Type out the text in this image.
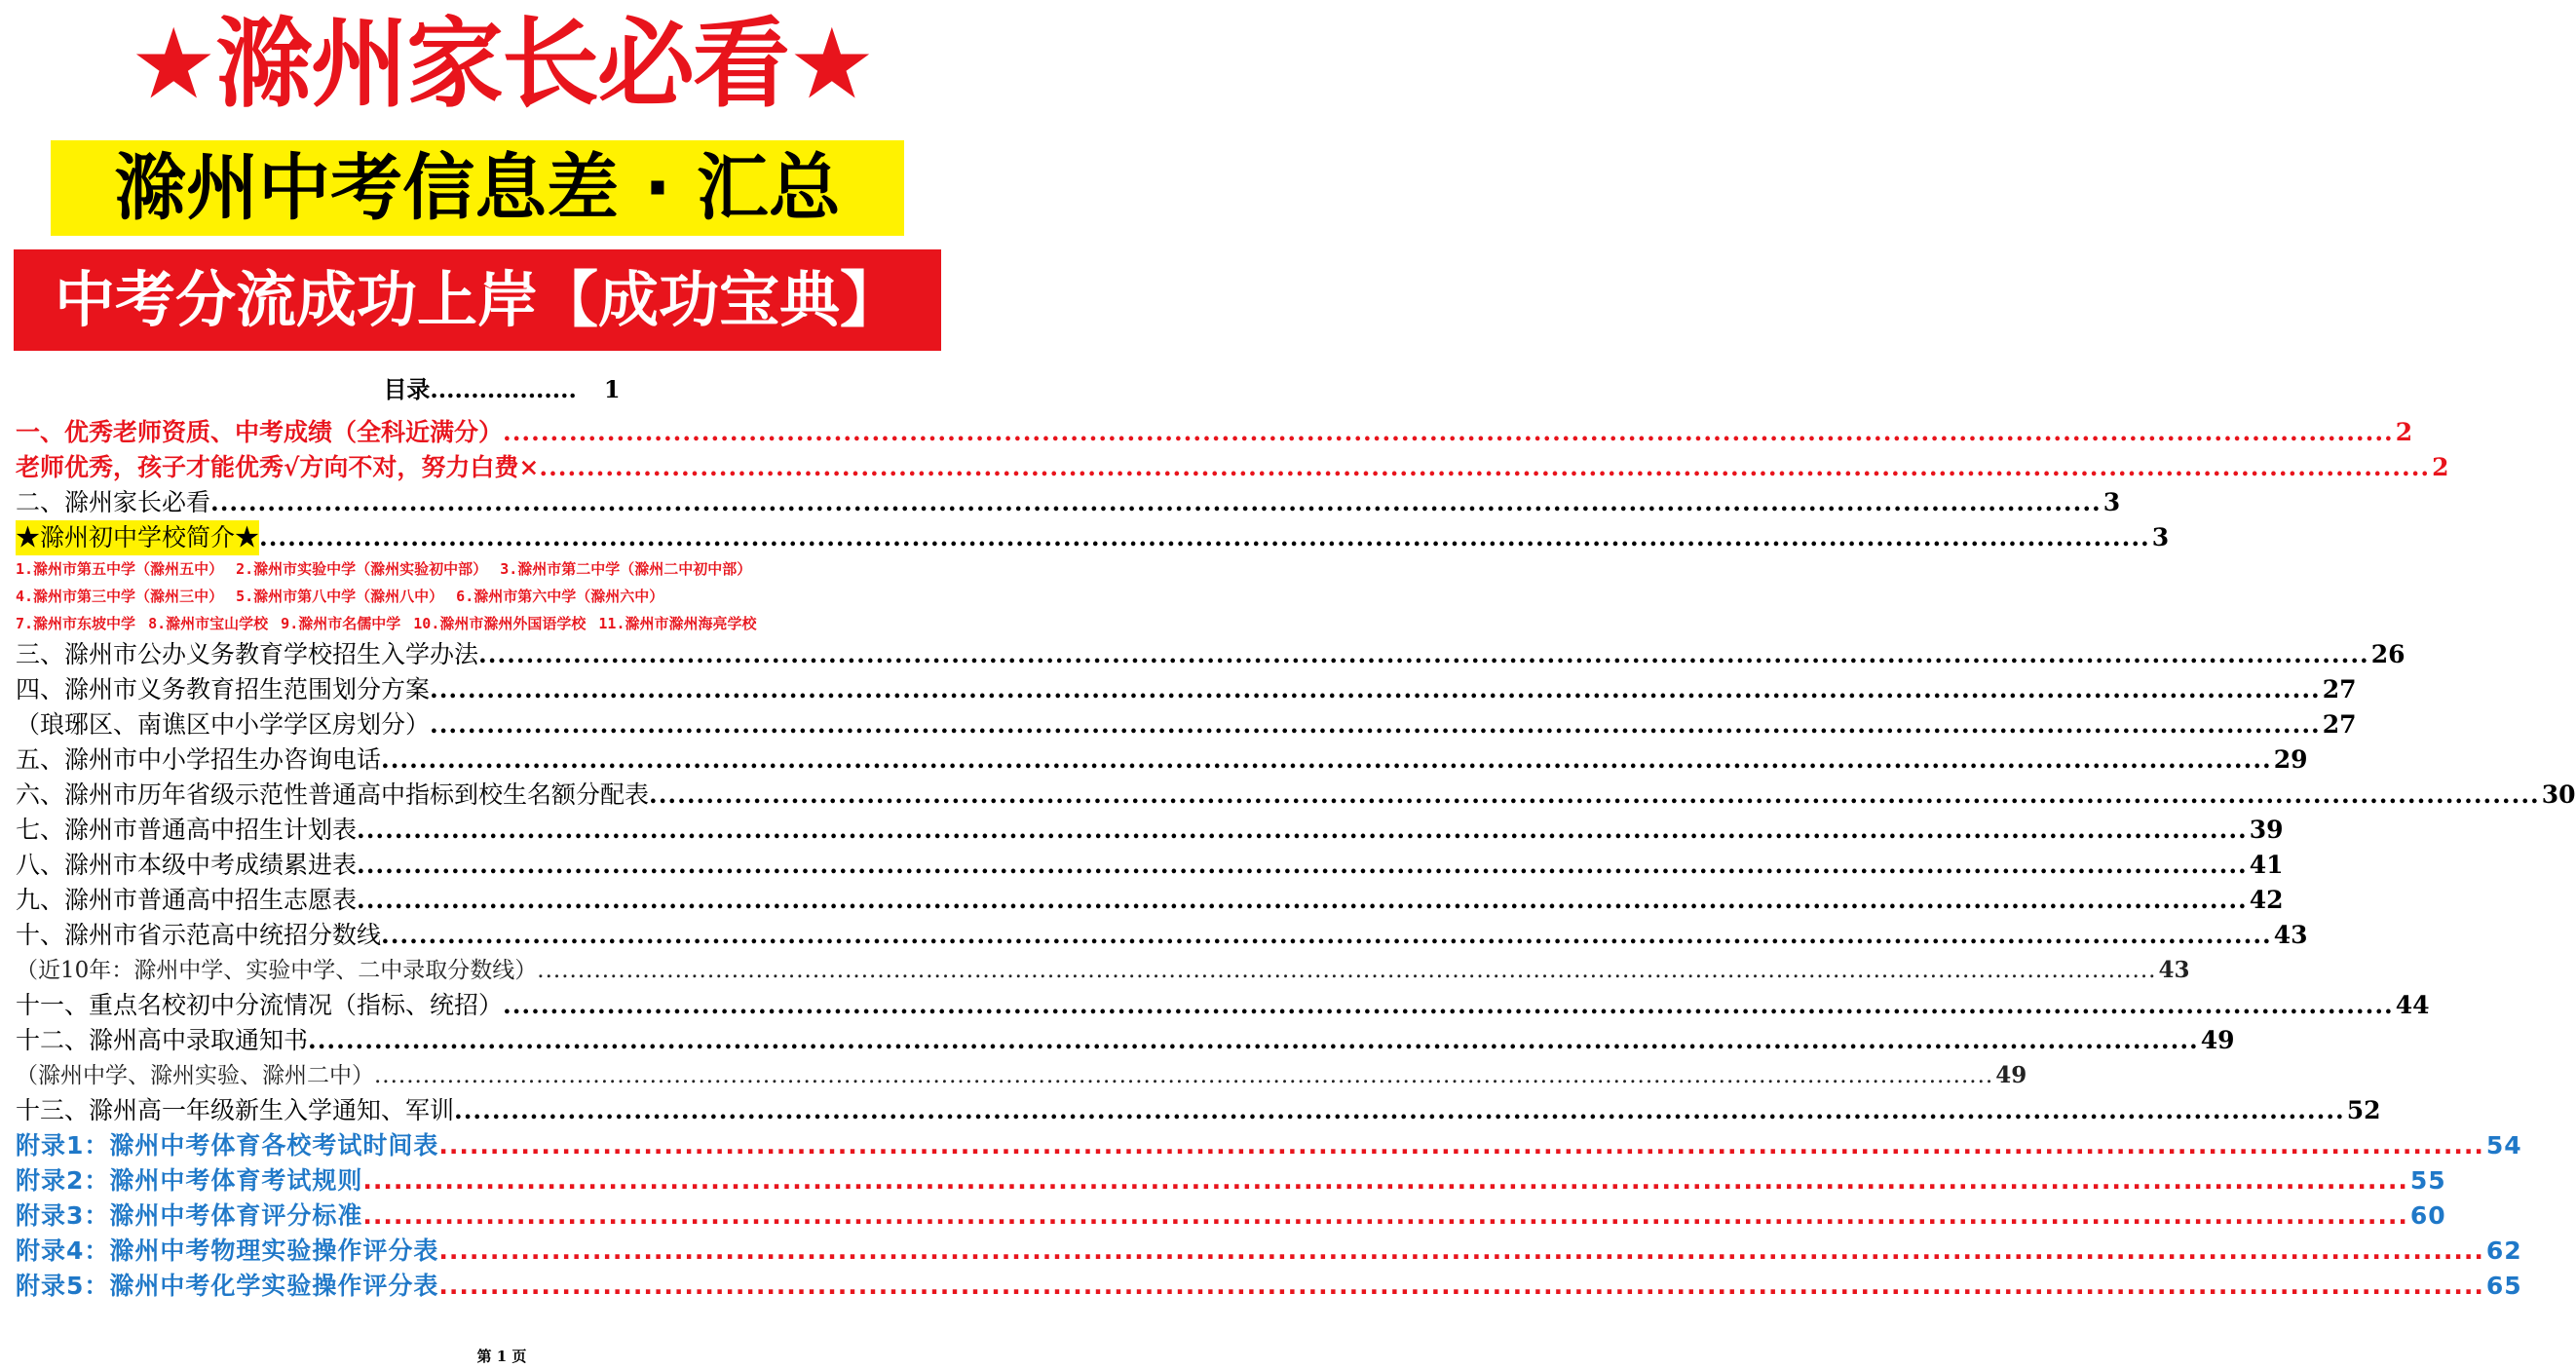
★滁州家长必看★
滁州中考信息差 · 汇总
中考分流成功上岸【成功宝典】
目录.................. 1
一、优秀老师资质、中考成绩（全科近满分） ........................................................................................................................................................................................................ 2
老师优秀，孩子才能优秀√方向不对，努力白费× ........................................................................................................................................................................................................ 2
二、滁州家长必看 ........................................................................................................................................................................................................ 3
★滁州初中学校简介★ ........................................................................................................................................................................................................ 3
1.滁州市第五中学（滁州五中） 2.滁州市实验中学（滁州实验初中部） 3.滁州市第二中学（滁州二中初中部）
4.滁州市第三中学（滁州三中） 5.滁州市第八中学（滁州八中） 6.滁州市第六中学（滁州六中）
7.滁州市东坡中学 8.滁州市宝山学校 9.滁州市名儒中学 10.滁州市滁州外国语学校 11.滁州市滁州海亮学校
三、滁州市公办义务教育学校招生入学办法 ........................................................................................................................................................................................................ 26
四、滁州市义务教育招生范围划分方案 ........................................................................................................................................................................................................ 27
（琅琊区、南谯区中小学学区房划分） ........................................................................................................................................................................................................ 27
五、滁州市中小学招生办咨询电话 ........................................................................................................................................................................................................ 29
六、滁州市历年省级示范性普通高中指标到校生名额分配表 ........................................................................................................................................................................................................ 30
七、滁州市普通高中招生计划表 ........................................................................................................................................................................................................ 39
八、滁州市本级中考成绩累进表 ........................................................................................................................................................................................................ 41
九、滁州市普通高中招生志愿表 ........................................................................................................................................................................................................ 42
十、滁州市省示范高中统招分数线 ........................................................................................................................................................................................................ 43
（近10年：滁州中学、实验中学、二中录取分数线） ........................................................................................................................................................................................................ 43
十一、重点名校初中分流情况（指标、统招） ........................................................................................................................................................................................................ 44
十二、滁州高中录取通知书 ........................................................................................................................................................................................................ 49
（滁州中学、滁州实验、滁州二中） ........................................................................................................................................................................................................ 49
十三、滁州高一年级新生入学通知、军训 ........................................................................................................................................................................................................ 52
附录1：滁州中考体育各校考试时间表 ........................................................................................................................................................................................................ 54
附录2：滁州中考体育考试规则 ........................................................................................................................................................................................................ 55
附录3：滁州中考体育评分标准 ........................................................................................................................................................................................................ 60
附录4：滁州中考物理实验操作评分表 ........................................................................................................................................................................................................ 62
附录5：滁州中考化学实验操作评分表 ........................................................................................................................................................................................................ 65
第 1 页
